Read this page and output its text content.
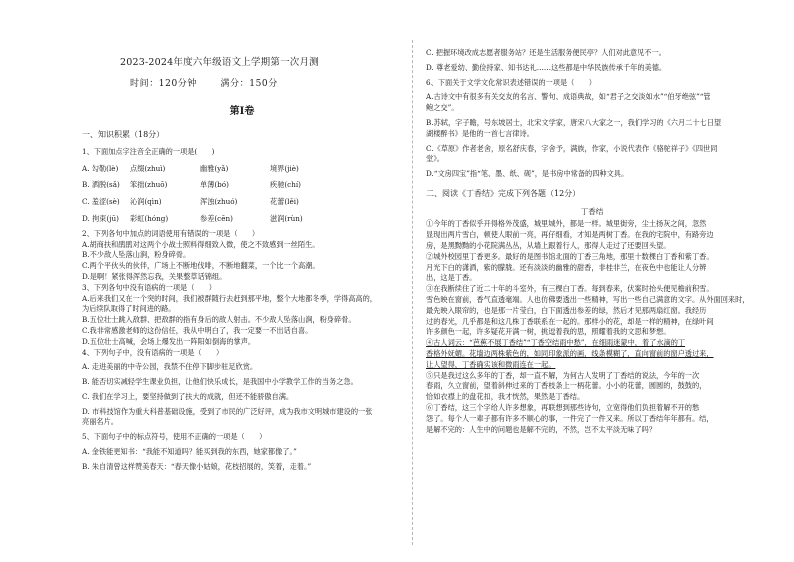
2023-2024年度六年级语文上学期第一次月测
时间：120分钟	满分：150分
第Ⅰ卷
一、知识积累（18分）

1、下面加点字注音全正确的一项是(　　)

A. 勾勒(lè)	点缀(zhuì)	幽雅(yǎ)	境界(jiè)
B. 洒脱(sǎ)	笨拙(zhuō)	单薄(bó)	疾驰(chí)
C. 羞涩(sè)	沁润(qìn)	浑浊(zhuó)	花蕾(lěi)
D. 拘束(jū)	彩虹(hóng)	参差(cēn)	滋润(rùn)

2、下列各句中加点的词语使用有错误的一项是（　　）

A.胡商扶和鹃鹃对这两个小战士照料得细致入微，使之不致感到一丝陌生。

B.不少敌人坠落山涧，粉身碎骨。

C.两个平伙头的伙伴，广场上不断地伐啡，不断地翻菜，一个比一个高潮。

D.是啊！紧张得浑然忘我，关果整草话锦组。

3、下列各句中没有语病的一项是（　　）

A.后来我们又在一个突的时间，我们被群随行去赶到那平地，整个大地都冬季，学得高高的，

为后续队取得了时间进的路。

B.五位壮士跳入敌群、把敌群的指有身后的敌人射击。不少敌人坠落山涧，粉身碎骨。

C.我非常感激老师的这份信任，我从中明白了，我一定要一不出话自喜。

D.五位壮士高喊，会场上爆发出一阵阳如倒海的掌声。

4、下列句子中，没有语病的一项是（　　）

A. 走进美丽的中寺公园，我禁不住停下脚步驻足欣赏。

B. 能否切实减轻学生课业负担，让他们快乐成长，是我国中小学教学工作的当务之急。

C. 我们在学习上，要坚持做到了扶大的成就，但还不能骄傲自满。

D. 市科技馆作为重大科普基础设施，受到了市民的广泛好评，成为我市文明城市建设的一张

亮丽名片。

5、下面句子中的标点符号，使用不正确的一项是（　　）

A. 金铁能更知书：“我能不知道吗？能买到我的东西，她家都像了。”

B. 朱自清曾这样赞美春天：“春天像小姑娘，花枝招展的，笑着，走着。”

C. 把握环境改成志愿者服务站？还是生活服务便民亭？人们对此意见不一。

D. 尊老爱幼、勤俭持家、知书达礼……这些都是中华民族传承千年的美德。

6、下面关于文学文化常识表述错误的一项是（　　）

A.古诗文中有很多有关交友的名言、警句、成语典故，如“君子之交淡如水”“伯牙绝弦”“管

鲍之交”。

B.苏轼，字子瞻，号东坡居士，北宋文学家，唐宋八大家之一，我们学习的《六月二十七日望

湖楼醉书》是他的一首七言律诗。

C.《草原》作者老舍，原名舒庆春，字舍予，满族，作家，小说代表作《骆驼祥子》《四世同

堂》。

D.“文房四宝”指“笔、墨、纸、砚”，是书房中常备的四种文具。

二、阅读《丁香结》完成下列各题（12分）
丁香结

①今年的丁香似乎开得格外茂盛，城里城外，都是一样。城里街旁，尘土扬灰之间，忽然

显现出两片雪白，顿使人眼前一亮，再仔细看，才知是两树丁香。在我的宅院中，有路旁边

房，是黑黝黝的小花院满丛丛，从墙上跟着行人，那得人走过了还要回头望。

②城外校园里丁香更多。最好的是图书馆北面的丁香三角地，那里十数棵白丁香和紫丁香。

月光下白的潇洒，紫的朦胧。还有淡淡的幽雅的甜香，非桂非兰，在夜色中也能让人分辨

出，这是丁香。

③在我断续住了近二十年的斗室外，有三棵白丁香。每到春来，伏案时抬头便见檐前积雪。

雪色映在窗前，香气直透毫端。人也仿佛要透出一些精神，写出一些自己满意的文字。从外面回来时，

最先映入眼帘的，也是那一片莹白，白下面透出参差的绿，然后才见那两扇红窗。我经历

过的春光，几乎都是和这几株丁香联系在一起的。那样小的花，却是一样的精神，在绿叶间

许多颜色一起，许多疑花开满一树，挑逗着我的思，照耀着我的文思和梦想。

④古人词云：“芭蕉不展丁香结”“丁香空结雨中愁”，在细雨迷蒙中，着了水滴的丁

香格外妩媚。花墙边两株紫色的，如同印象派的画，线条模糊了，直向窗前的窗户透过来，

让人望得，丁香确实该和微雨连在一起。

⑤只是我过这么多年的丁香，却一直不解，为何古人发明了丁香结的说法，今年的一次

春雨，久立窗前，望着斜伸过来的丁香枝条上一柄花蕾。小小的花蕾，圆圆的，鼓鼓的，

恰如衣襟上的盘花扣，我才恍然，果然是丁香结。

⑥丁香结，这三个字给人许多想象，再联想到那些诗句，立宽得他们负担着解不开的愁

怨了。每个人一辈子都有许多不顺心的事，一件完了一件又来。所以丁香结年年都有。结，

是解不完的：人生中的问题也是解不完的，不然，岂不太平淡无味了吗？
